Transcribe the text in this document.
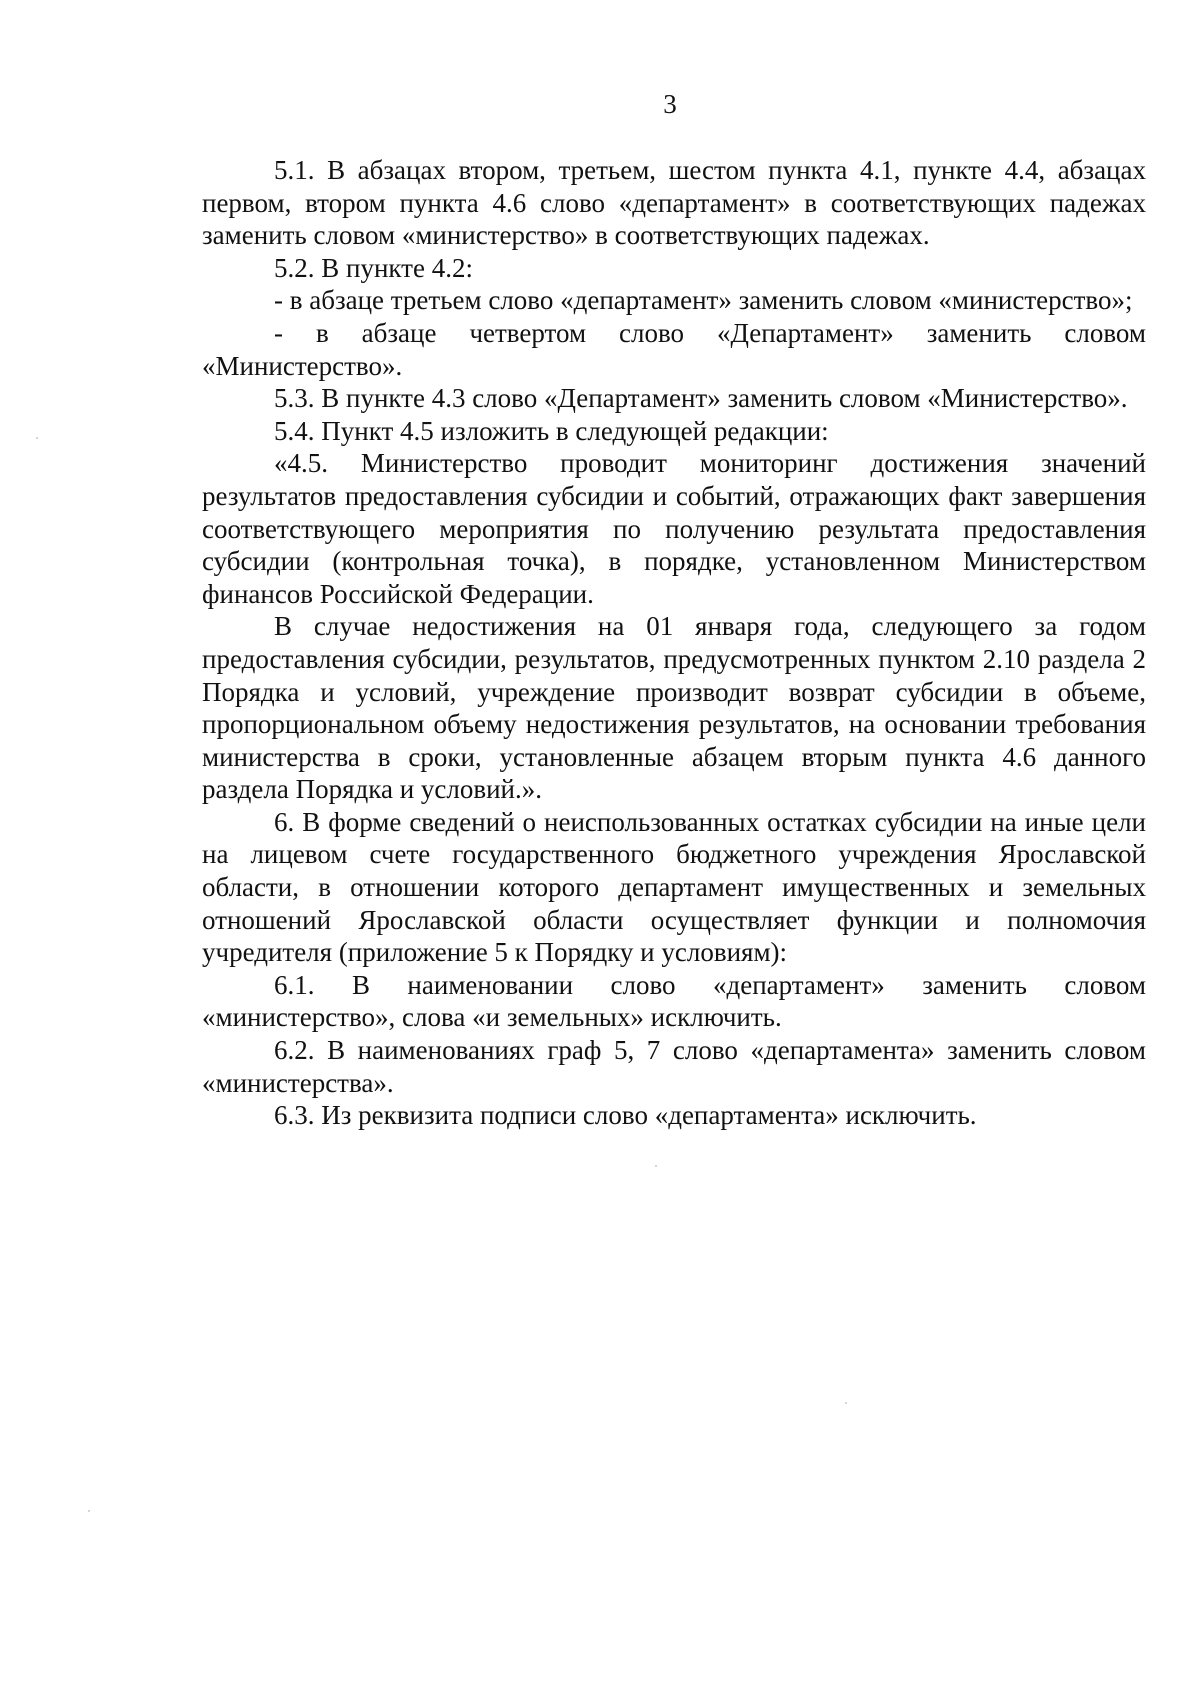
3

5.1. В абзацах втором, третьем, шестом пункта 4.1, пункте 4.4, абзацах первом, втором пункта 4.6 слово «департамент» в соответствующих падежах заменить словом «министерство» в соответствующих падежах.

5.2. В пункте 4.2:

- в абзаце третьем слово «департамент» заменить словом «министерство»;

- в абзаце четвертом слово «Департамент» заменить словом «Министерство».

5.3. В пункте 4.3 слово «Департамент» заменить словом «Министерство».

5.4. Пункт 4.5 изложить в следующей редакции:

«4.5. Министерство проводит мониторинг достижения значений результатов предоставления субсидии и событий, отражающих факт завершения соответствующего мероприятия по получению результата предоставления субсидии (контрольная точка), в порядке, установленном Министерством финансов Российской Федерации.

В случае недостижения на 01 января года, следующего за годом предоставления субсидии, результатов, предусмотренных пунктом 2.10 раздела 2 Порядка и условий, учреждение производит возврат субсидии в объеме, пропорциональном объему недостижения результатов, на основании требования министерства в сроки, установленные абзацем вторым пункта 4.6 данного раздела Порядка и условий.».

6. В форме сведений о неиспользованных остатках субсидии на иные цели на лицевом счете государственного бюджетного учреждения Ярославской области, в отношении которого департамент имущественных и земельных отношений Ярославской области осуществляет функции и полномочия учредителя (приложение 5 к Порядку и условиям):

6.1. В наименовании слово «департамент» заменить словом «министерство», слова «и земельных» исключить.

6.2. В наименованиях граф 5, 7 слово «департамента» заменить словом «министерства».

6.3. Из реквизита подписи слово «департамента» исключить.
